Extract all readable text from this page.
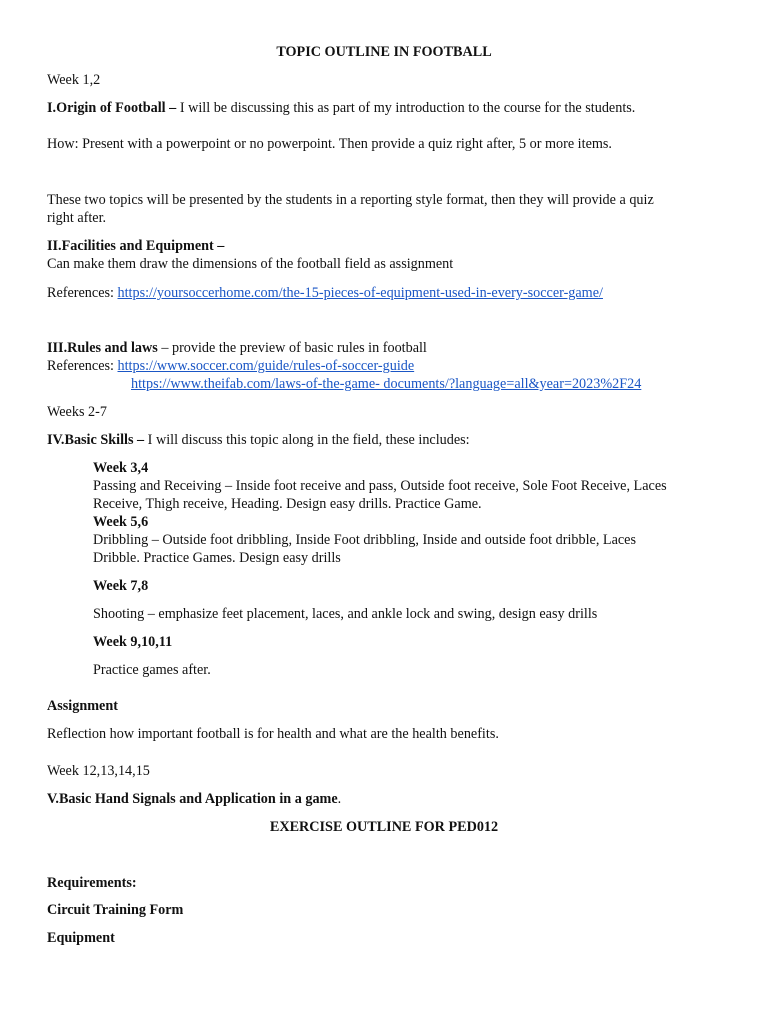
TOPIC OUTLINE IN FOOTBALL
Week 1,2
I.Origin of Football – I will be discussing this as part of my introduction to the course for the students.
How: Present with a powerpoint or no powerpoint. Then provide a quiz right after, 5 or more items.
These two topics will be presented by the students in a reporting style format, then they will provide a quiz
right after.
II.Facilities and Equipment –
Can make them draw the dimensions of the football field as assignment
References: https://yoursoccerhome.com/the-15-pieces-of-equipment-used-in-every-soccer-game/
III.Rules and laws – provide the preview of basic rules in football
References: https://www.soccer.com/guide/rules-of-soccer-guide
https://www.theifab.com/laws-of-the-game- documents/?language=all&year=2023%2F24
Weeks 2-7
IV.Basic Skills – I will discuss this topic along in the field, these includes:
Week 3,4
Passing and Receiving – Inside foot receive and pass, Outside foot receive, Sole Foot Receive, Laces
Receive, Thigh receive, Heading. Design easy drills. Practice Game.
Week 5,6
Dribbling – Outside foot dribbling, Inside Foot dribbling, Inside and outside foot dribble, Laces
Dribble. Practice Games. Design easy drills
Week 7,8
Shooting – emphasize feet placement, laces, and ankle lock and swing, design easy drills
Week 9,10,11
Practice games after.
Assignment
Reflection how important football is for health and what are the health benefits.
Week 12,13,14,15
V.Basic Hand Signals and Application in a game.
EXERCISE OUTLINE FOR PED012
Requirements:
Circuit Training Form
Equipment
